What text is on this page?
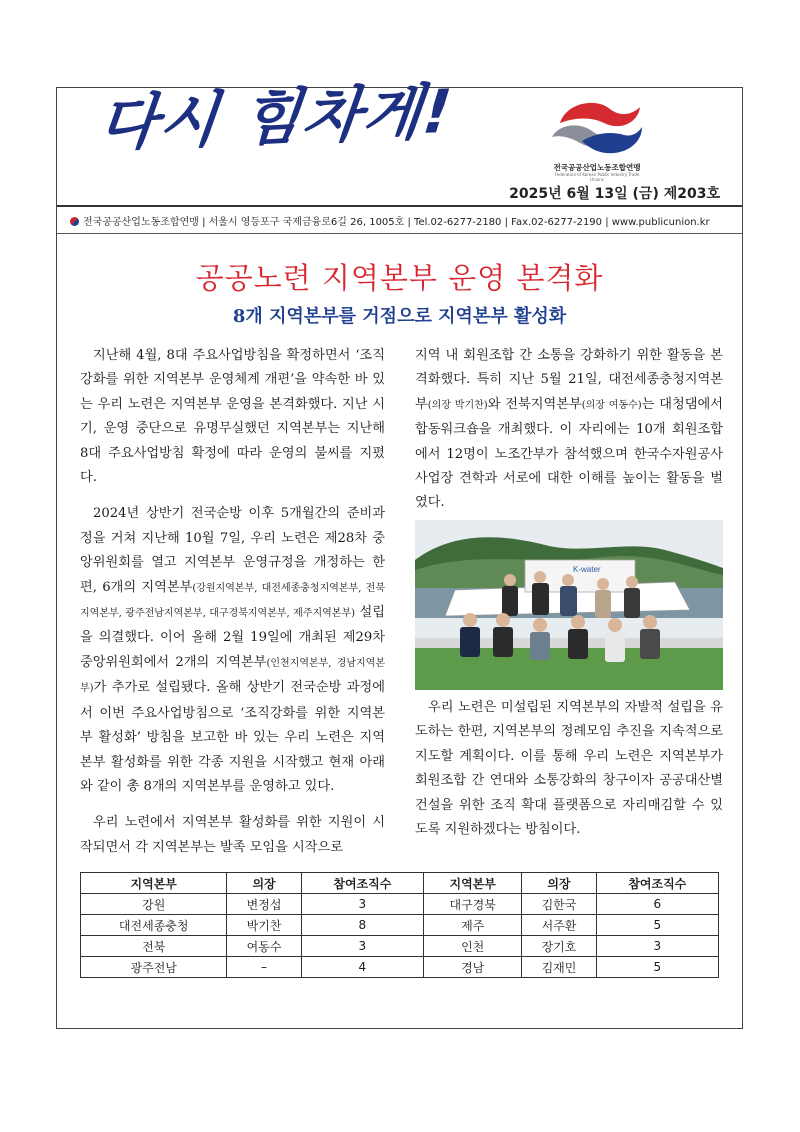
다시 힘차게!
전국공공산업노동조합연맹
Federation of Korean Public Industry Trade Unions
2025년 6월 13일 (금) 제203호
전국공공산업노동조합연맹 | 서울시 영등포구 국제금융로6길 26, 1005호 | Tel.02-6277-2180 | Fax.02-6277-2190 | www.publicunion.kr
공공노련 지역본부 운영 본격화
8개 지역본부를 거점으로 지역본부 활성화

지난해 4월, 8대 주요사업방침을 확정하면서 ‘조직강화를 위한 지역본부 운영체계 개편’을 약속한 바 있는 우리 노련은 지역본부 운영을 본격화했다. 지난 시기, 운영 중단으로 유명무실했던 지역본부는 지난해 8대 주요사업방침 확정에 따라 운영의 불씨를 지폈다.

2024년 상반기 전국순방 이후 5개월간의 준비과정을 거쳐 지난해 10월 7일, 우리 노련은 제28차 중앙위원회를 열고 지역본부 운영규정을 개정하는 한편, 6개의 지역본부(강원지역본부, 대전세종충청지역본부, 전북지역본부, 광주전남지역본부, 대구경북지역본부, 제주지역본부) 설립을 의결했다. 이어 올해 2월 19일에 개최된 제29차 중앙위원회에서 2개의 지역본부(인천지역본부, 경남지역본부)가 추가로 설립됐다. 올해 상반기 전국순방 과정에서 이번 주요사업방침으로 ‘조직강화를 위한 지역본부 활성화’ 방침을 보고한 바 있는 우리 노련은 지역본부 활성화를 위한 각종 지원을 시작했고 현재 아래와 같이 총 8개의 지역본부를 운영하고 있다.

우리 노련에서 지역본부 활성화를 위한 지원이 시작되면서 각 지역본부는 발족 모임을 시작으로

지역 내 회원조합 간 소통을 강화하기 위한 활동을 본격화했다. 특히 지난 5월 21일, 대전세종충청지역본부(의장 박기찬)와 전북지역본부(의장 여동수)는 대청댐에서 합동워크숍을 개최했다. 이 자리에는 10개 회원조합에서 12명이 노조간부가 참석했으며 한국수자원공사 사업장 견학과 서로에 대한 이해를 높이는 활동을 벌였다.

K-water

우리 노련은 미설립된 지역본부의 자발적 설립을 유도하는 한편, 지역본부의 정례모임 추진을 지속적으로 지도할 계획이다. 이를 통해 우리 노련은 지역본부가 회원조합 간 연대와 소통강화의 창구이자 공공대산별 건설을 위한 조직 확대 플랫폼으로 자리매김할 수 있도록 지원하겠다는 방침이다.

지역본부	의장	참여조직수	지역본부	의장	참여조직수
강원	변정섭	3	대구경북	김한국	6
대전세종충청	박기찬	8	제주	서주환	5
전북	여동수	3	인천	장기호	3
광주전남	–	4	경남	김재민	5
